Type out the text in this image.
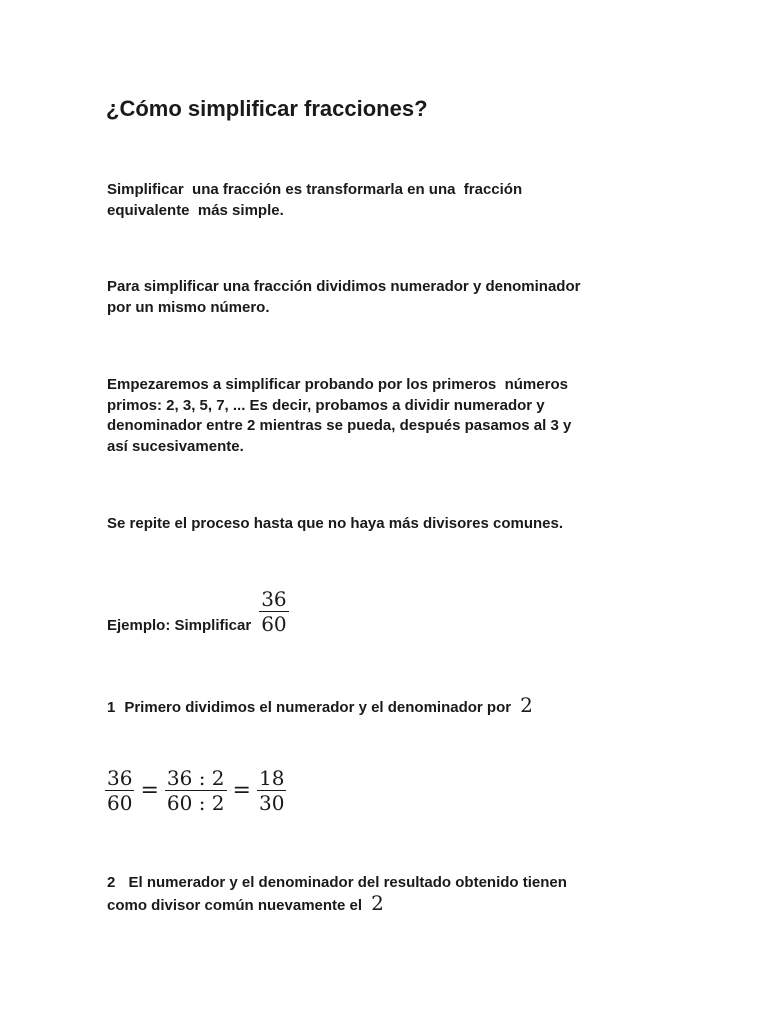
¿Cómo simplificar fracciones?

Simplificar  una fracción es transformarla en una  fracción
equivalente  más simple.

Para simplificar una fracción dividimos numerador y denominador
por un mismo número.

Empezaremos a simplificar probando por los primeros  números
primos: 2, 3, 5, 7, ... Es decir, probamos a dividir numerador y
denominador entre 2 mientras se pueda, después pasamos al 3 y
así sucesivamente.

Se repite el proceso hasta que no haya más divisores comunes.

Ejemplo: Simplificar $\frac{36}{60}$
1 Primero dividimos el numerador y el denominador por 2
$\frac{36}{60} = \frac{36 : 2}{60 : 2} = \frac{18}{30}$
2 El numerador y el denominador del resultado obtenido tienen
como divisor común nuevamente el 2
